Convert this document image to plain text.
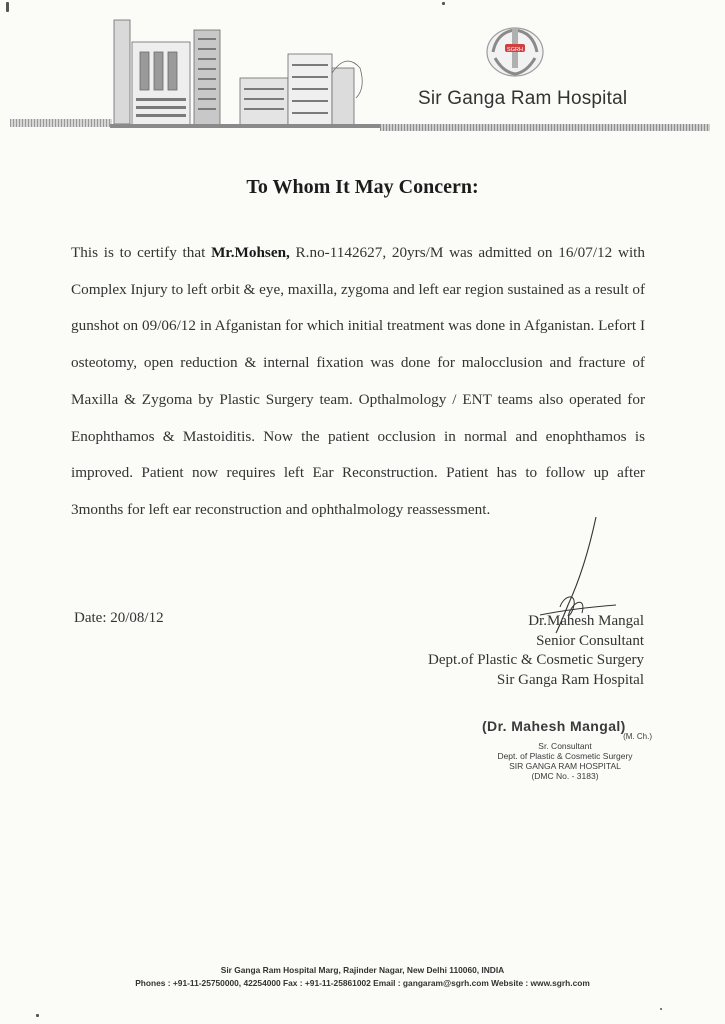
SGRH
Sir Ganga Ram Hospital
To Whom It May Concern:
This is to certify that Mr.Mohsen, R.no-1142627, 20yrs/M was admitted on 16/07/12 with Complex Injury to left orbit & eye, maxilla, zygoma and left ear region sustained as a result of gunshot on 09/06/12 in Afganistan for which initial treatment was done in Afganistan. Lefort I osteotomy, open reduction & internal fixation was done for malocclusion and fracture of Maxilla & Zygoma by Plastic Surgery team. Opthalmology / ENT teams also operated for Enophthamos & Mastoiditis. Now the patient occlusion in normal and enophthamos is improved. Patient now requires left Ear Reconstruction. Patient has to follow up after 3months for left ear reconstruction and ophthalmology reassessment.
Date: 20/08/12	Dr.Mahesh Mangal
Senior Consultant
Dept.of Plastic & Cosmetic Surgery
Sir Ganga Ram Hospital
(Dr. Mahesh Mangal)
(M. Ch.)
Sr. Consultant
Dept. of Plastic & Cosmetic Surgery
SIR GANGA RAM HOSPITAL
(DMC No. - 3183)
Sir Ganga Ram Hospital Marg, Rajinder Nagar, New Delhi 110060, INDIA
Phones : +91-11-25750000, 42254000 Fax : +91-11-25861002 Email : gangaram@sgrh.com Website : www.sgrh.com
